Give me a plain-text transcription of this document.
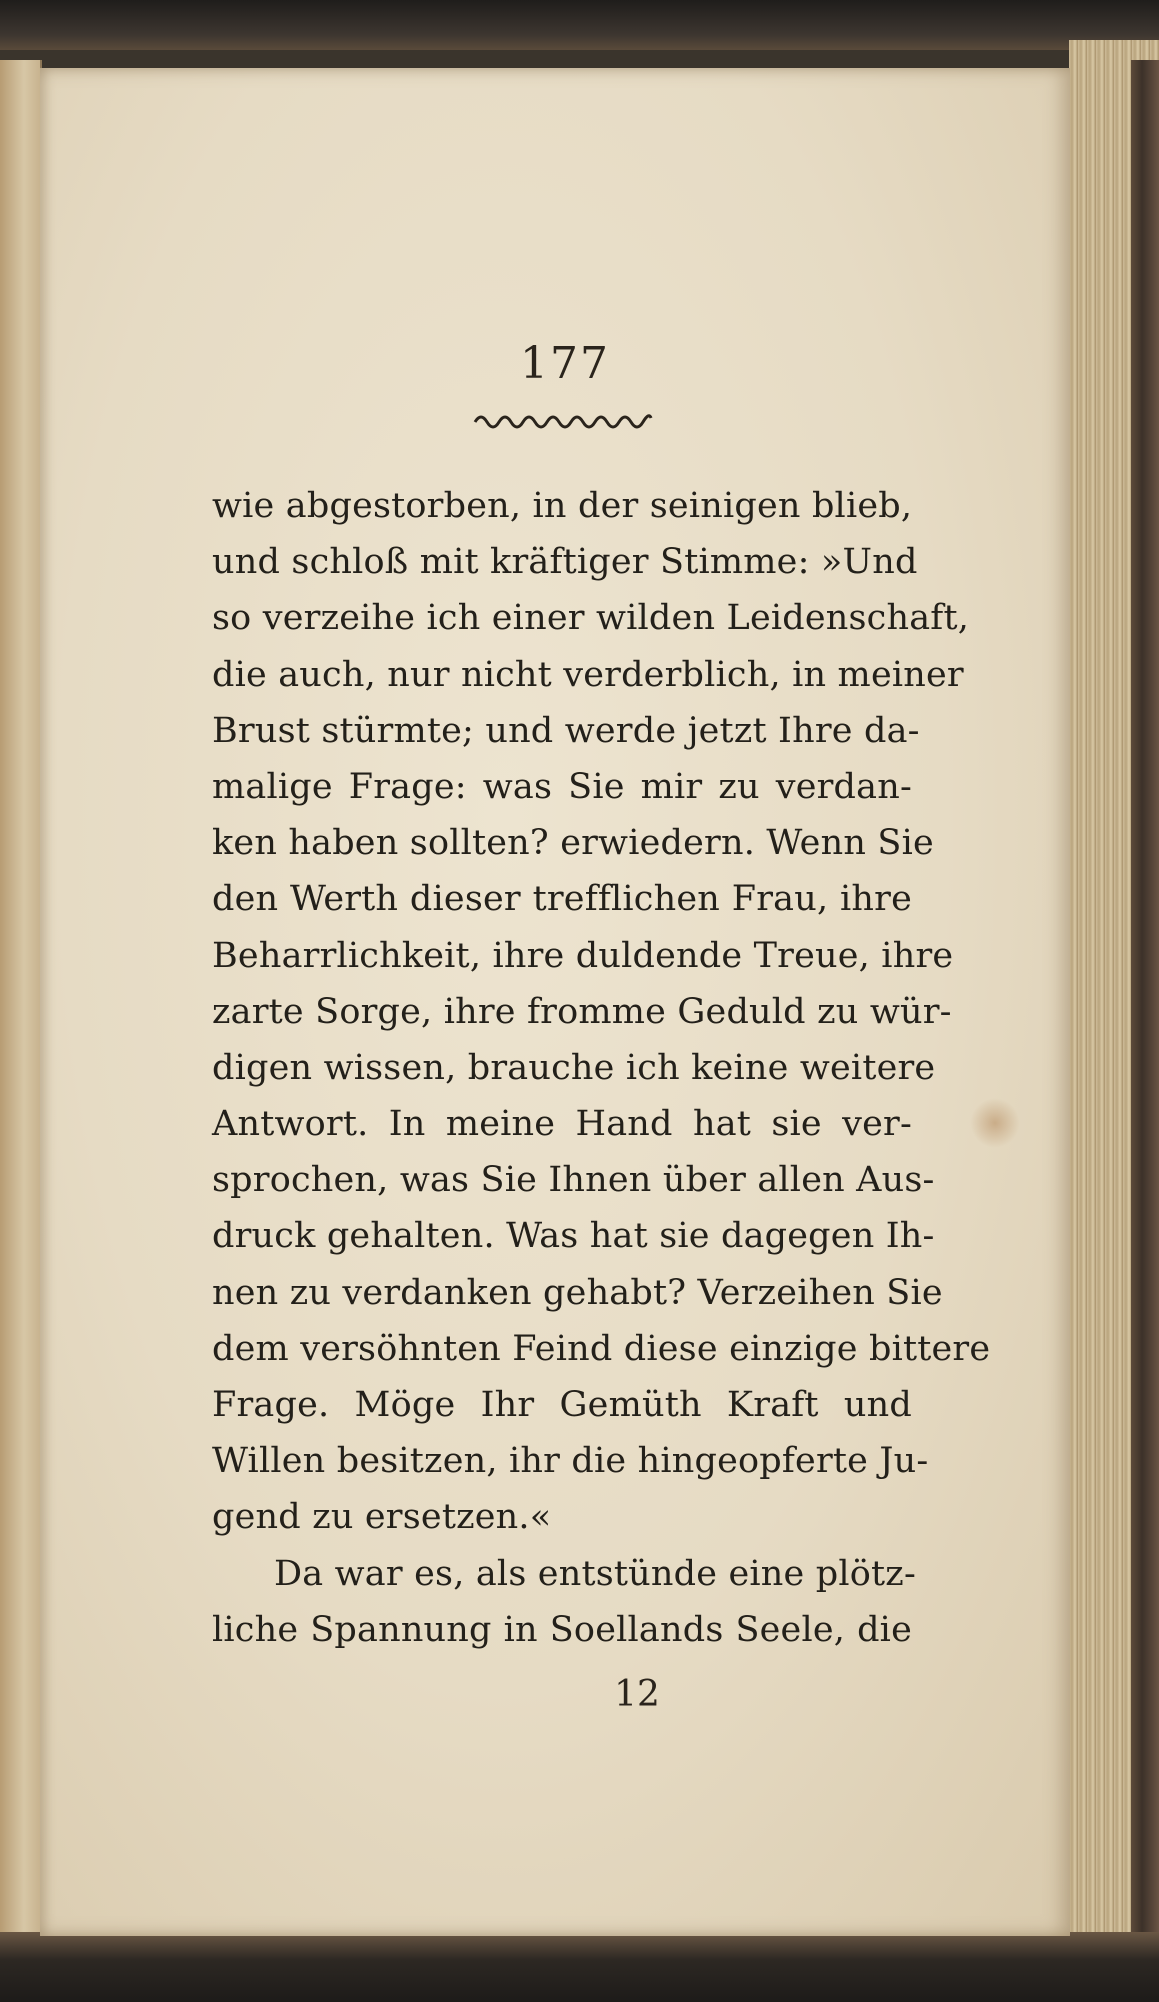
177
wie abgestorben, in der seinigen blieb,
und schloß mit kräftiger Stimme: »Und
so verzeihe ich einer wilden Leidenschaft,
die auch, nur nicht verderblich, in meiner
Brust stürmte; und werde jetzt Ihre da-
malige Frage: was Sie mir zu verdan-
ken haben sollten? erwiedern. Wenn Sie
den Werth dieser trefflichen Frau, ihre
Beharrlichkeit, ihre duldende Treue, ihre
zarte Sorge, ihre fromme Geduld zu wür-
digen wissen, brauche ich keine weitere
Antwort. In meine Hand hat sie ver-
sprochen, was Sie Ihnen über allen Aus-
druck gehalten. Was hat sie dagegen Ih-
nen zu verdanken gehabt? Verzeihen Sie
dem versöhnten Feind diese einzige bittere
Frage. Möge Ihr Gemüth Kraft und
Willen besitzen, ihr die hingeopferte Ju-
gend zu ersetzen.«
Da war es, als entstünde eine plötz-
liche Spannung in Soellands Seele, die
12
